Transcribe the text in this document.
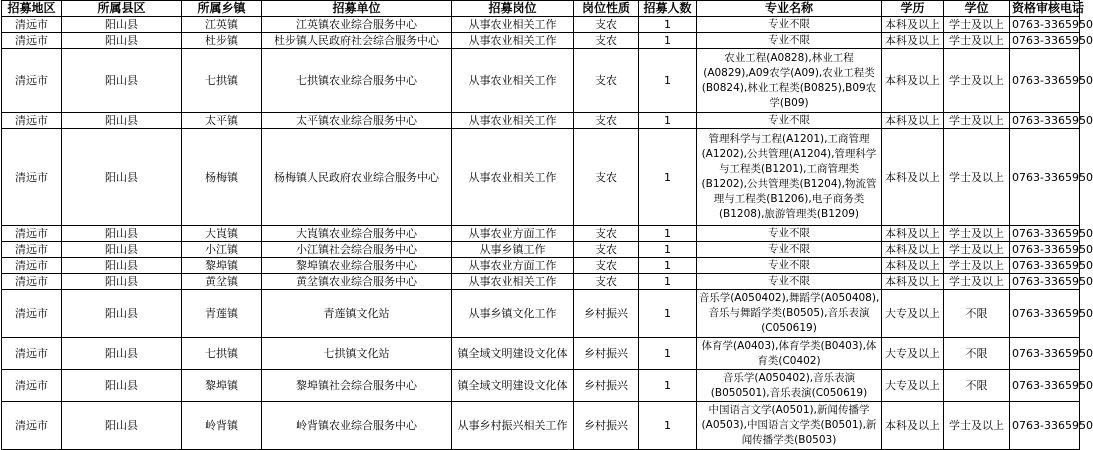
招募地区	所属县区	所属乡镇	招募单位	招募岗位	岗位性质	招募人数	专业名称	学历	学位	资格审核电话
清远市	阳山县	江英镇	江英镇农业综合服务中心	从事农业相关工作	支农	1	专业不限	本科及以上	学士及以上	0763-3365950
清远市	阳山县	杜步镇	杜步镇人民政府社会综合服务中心	从事农业相关工作	支农	1	专业不限	本科及以上	学士及以上	0763-3365950
清远市	阳山县	七拱镇	七拱镇农业综合服务中心	从事农业相关工作	支农	1	农业工程(A0828),林业工程(A0829),A09农学(A09),农业工程类(B0824),林业工程类(B0825),B09农学(B09)	本科及以上	学士及以上	0763-3365950
清远市	阳山县	太平镇	太平镇农业综合服务中心	从事农业相关工作	支农	1	专业不限	本科及以上	学士及以上	0763-3365950
清远市	阳山县	杨梅镇	杨梅镇人民政府农业综合服务中心	从事农业相关工作	支农	1	管理科学与工程(A1201),工商管理(A1202),公共管理(A1204),管理科学与工程类(B1201),工商管理类(B1202),公共管理类(B1204),物流管理与工程类(B1206),电子商务类(B1208),旅游管理类(B1209)	本科及以上	学士及以上	0763-3365950
清远市	阳山县	大崀镇	大崀镇农业综合服务中心	从事农业方面工作	支农	1	专业不限	本科及以上	学士及以上	0763-3365950
清远市	阳山县	小江镇	小江镇社会综合服务中心	从事乡镇工作	支农	1	专业不限	本科及以上	学士及以上	0763-3365950
清远市	阳山县	黎埠镇	黎埠镇农业综合服务中心	从事农业方面工作	支农	1	专业不限	本科及以上	学士及以上	0763-3365950
清远市	阳山县	黄坌镇	黄坌镇农业综合服务中心	从事农业相关工作	支农	1	专业不限	本科及以上	学士及以上	0763-3365950
清远市	阳山县	青莲镇	青莲镇文化站	从事乡镇文化工作	乡村振兴	1	音乐学(A050402),舞蹈学(A050408),音乐与舞蹈学类(B0505),音乐表演(C050619)	大专及以上	不限	0763-3365950
清远市	阳山县	七拱镇	七拱镇文化站	镇全域文明建设文化体	乡村振兴	1	体育学(A0403),体育学类(B0403),体育类(C0402)	大专及以上	不限	0763-3365950
清远市	阳山县	黎埠镇	黎埠镇社会综合服务中心	镇全域文明建设文化体	乡村振兴	1	音乐学(A050402),音乐表演(B050501),音乐表演(C050619)	大专及以上	不限	0763-3365950
清远市	阳山县	岭背镇	岭背镇农业综合服务中心	从事乡村振兴相关工作	乡村振兴	1	中国语言文学(A0501),新闻传播学(A0503),中国语言文学类(B0501),新闻传播学类(B0503)	本科及以上	学士及以上	0763-3365950
